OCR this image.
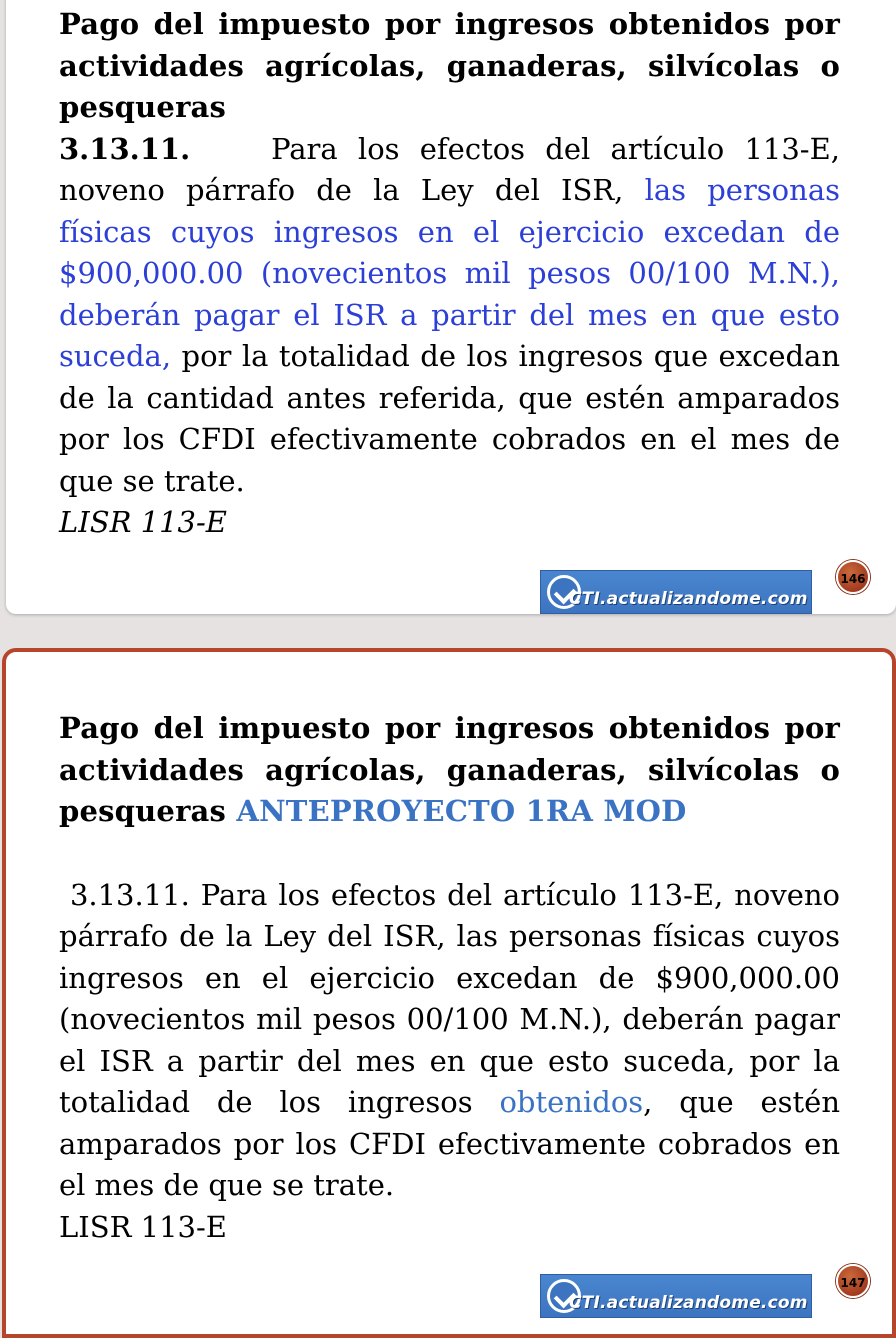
Pago del impuesto por ingresos obtenidos por actividades agrícolas, ganaderas, silvícolas o pesqueras
3.13.11.	Para los efectos del artículo 113-E, noveno párrafo de la Ley del ISR, las personas físicas cuyos ingresos en el ejercicio excedan de $900,000.00 (novecientos mil pesos 00/100 M.N.), deberán pagar el ISR a partir del mes en que esto suceda, por la totalidad de los ingresos que excedan de la cantidad antes referida, que estén amparados por los CFDI efectivamente cobrados en el mes de que se trate.
LISR 113-E
CTI.actualizandome.com
146
Pago del impuesto por ingresos obtenidos por actividades agrícolas, ganaderas, silvícolas o pesqueras ANTEPROYECTO 1RA MOD
3.13.11. Para los efectos del artículo 113-E, noveno párrafo de la Ley del ISR, las personas físicas cuyos ingresos en el ejercicio excedan de $900,000.00 (novecientos mil pesos 00/100 M.N.), deberán pagar el ISR a partir del mes en que esto suceda, por la totalidad de los ingresos obtenidos, que estén amparados por los CFDI efectivamente cobrados en el mes de que se trate.
LISR 113-E
CTI.actualizandome.com
147
